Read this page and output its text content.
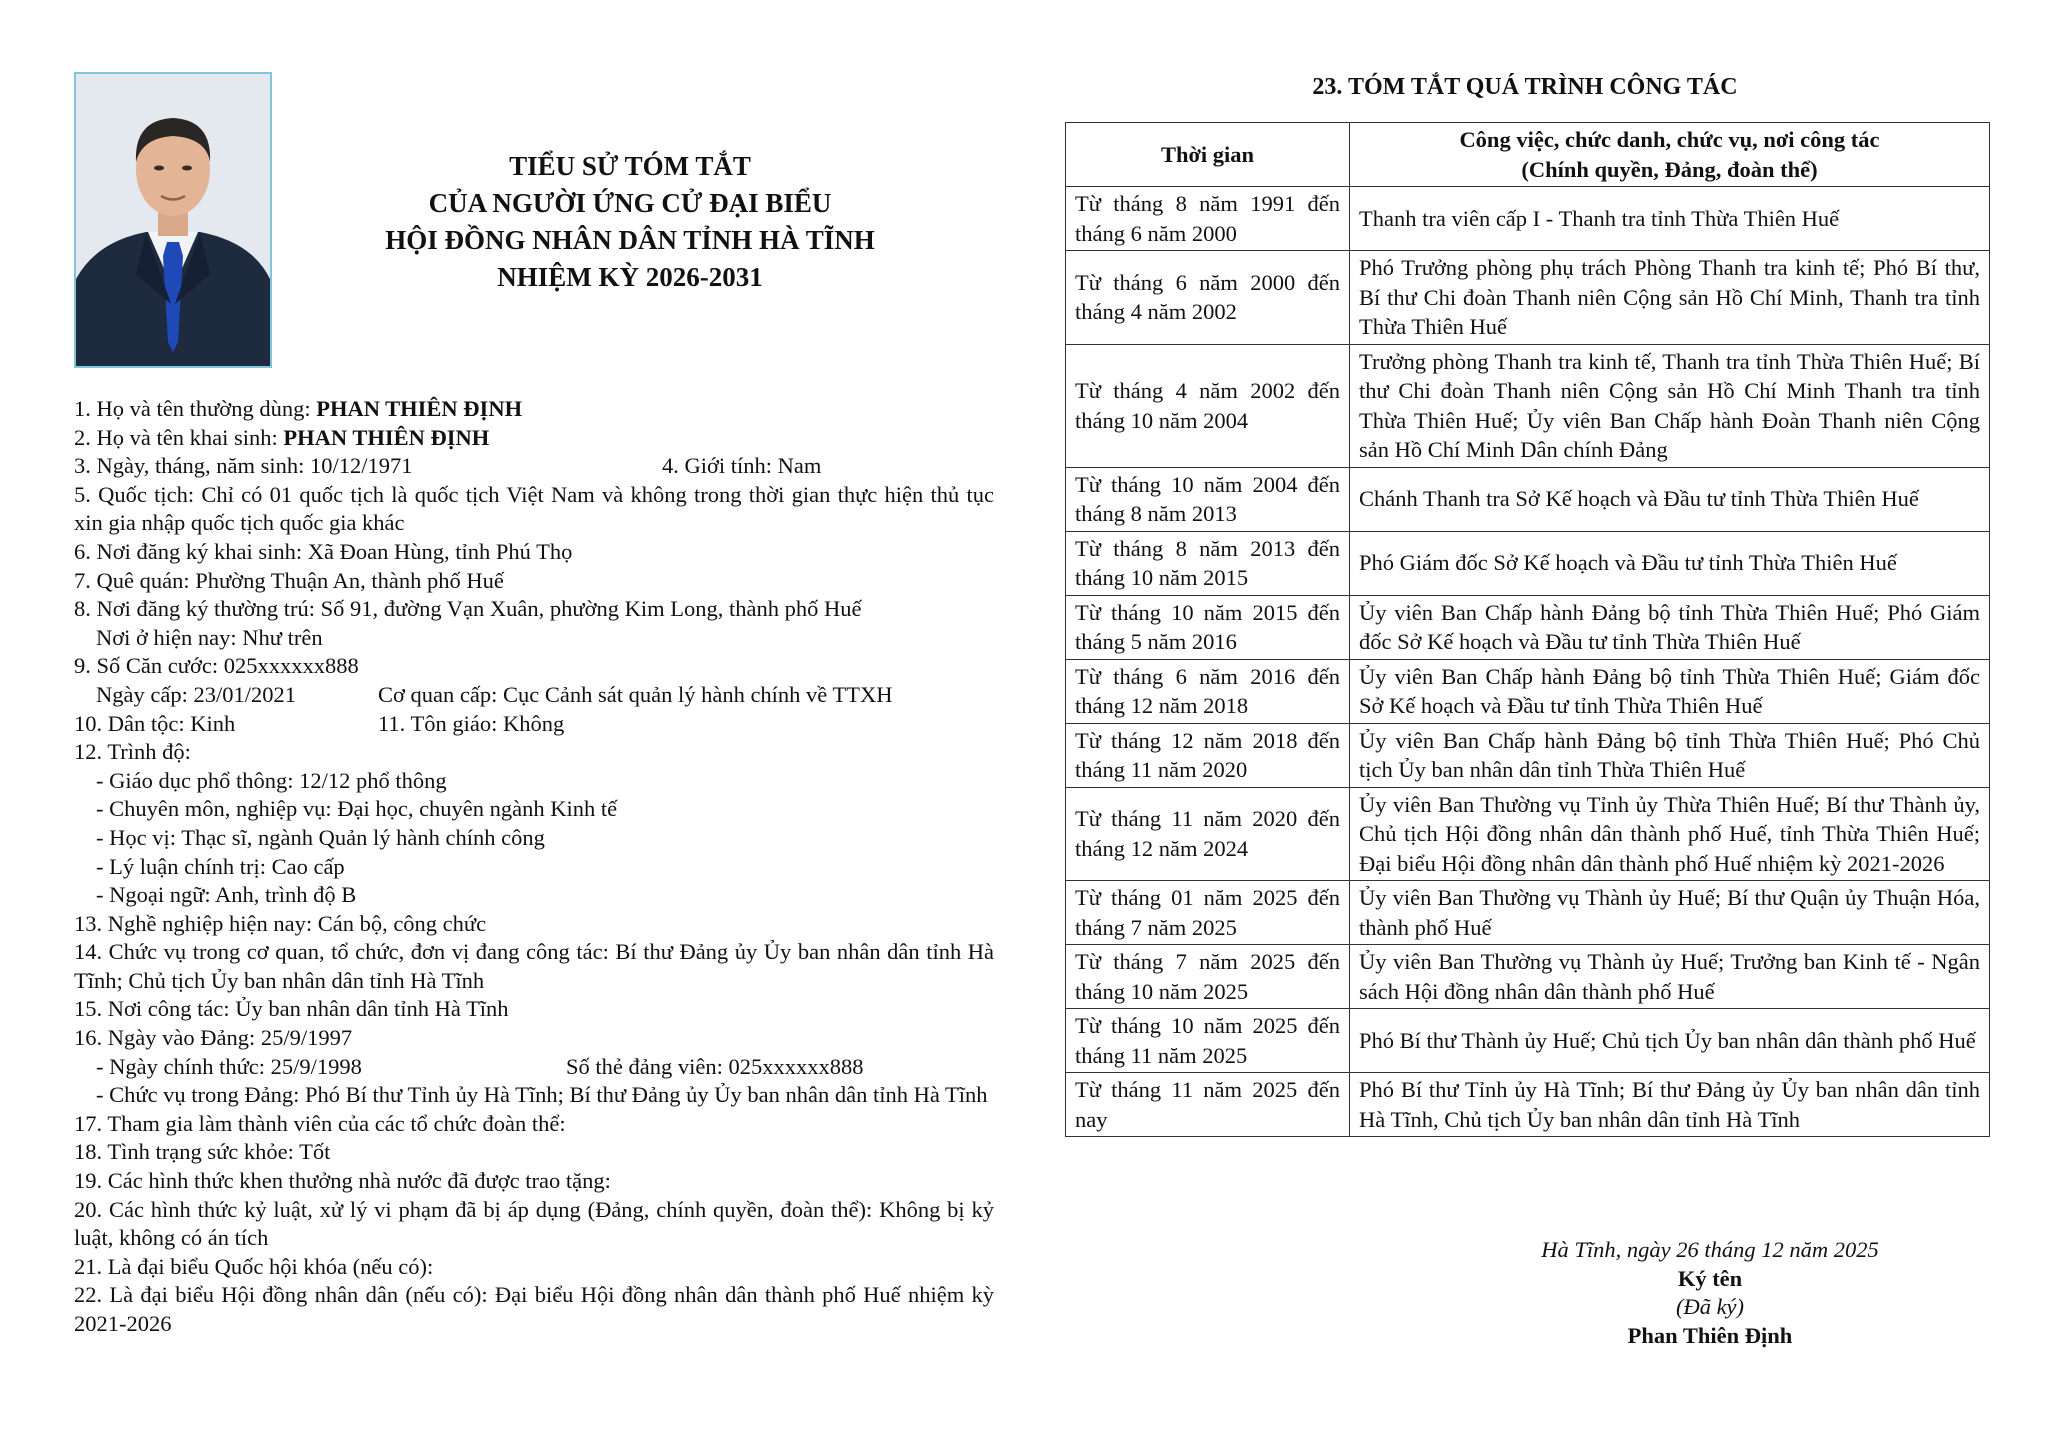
TIỂU SỬ TÓM TẮT
CỦA NGƯỜI ỨNG CỬ ĐẠI BIỂU
HỘI ĐỒNG NHÂN DÂN TỈNH HÀ TĨNH
NHIỆM KỲ 2026-2031
1. Họ và tên thường dùng: PHAN THIÊN ĐỊNH
2. Họ và tên khai sinh: PHAN THIÊN ĐỊNH
3. Ngày, tháng, năm sinh: 10/12/1971	4. Giới tính: Nam
5. Quốc tịch: Chỉ có 01 quốc tịch là quốc tịch Việt Nam và không trong thời gian thực hiện thủ tục xin gia nhập quốc tịch quốc gia khác
6. Nơi đăng ký khai sinh: Xã Đoan Hùng, tỉnh Phú Thọ
7. Quê quán: Phường Thuận An, thành phố Huế
8. Nơi đăng ký thường trú: Số 91, đường Vạn Xuân, phường Kim Long, thành phố Huế
Nơi ở hiện nay: Như trên
9. Số Căn cước: 025xxxxxx888
Ngày cấp: 23/01/2021	Cơ quan cấp: Cục Cảnh sát quản lý hành chính về TTXH
10. Dân tộc: Kinh	11. Tôn giáo: Không
12. Trình độ:
- Giáo dục phổ thông: 12/12 phổ thông
- Chuyên môn, nghiệp vụ: Đại học, chuyên ngành Kinh tế
- Học vị: Thạc sĩ, ngành Quản lý hành chính công
- Lý luận chính trị: Cao cấp
- Ngoại ngữ: Anh, trình độ B
13. Nghề nghiệp hiện nay: Cán bộ, công chức
14. Chức vụ trong cơ quan, tổ chức, đơn vị đang công tác: Bí thư Đảng ủy Ủy ban nhân dân tỉnh Hà Tĩnh; Chủ tịch Ủy ban nhân dân tỉnh Hà Tĩnh
15. Nơi công tác: Ủy ban nhân dân tỉnh Hà Tĩnh
16. Ngày vào Đảng: 25/9/1997
- Ngày chính thức: 25/9/1998	Số thẻ đảng viên: 025xxxxxx888
- Chức vụ trong Đảng: Phó Bí thư Tỉnh ủy Hà Tĩnh; Bí thư Đảng ủy Ủy ban nhân dân tỉnh Hà Tĩnh
17. Tham gia làm thành viên của các tổ chức đoàn thể:
18. Tình trạng sức khỏe: Tốt
19. Các hình thức khen thưởng nhà nước đã được trao tặng:
20. Các hình thức kỷ luật, xử lý vi phạm đã bị áp dụng (Đảng, chính quyền, đoàn thể): Không bị kỷ luật, không có án tích
21. Là đại biểu Quốc hội khóa (nếu có):
22. Là đại biểu Hội đồng nhân dân (nếu có): Đại biểu Hội đồng nhân dân thành phố Huế nhiệm kỳ 2021-2026
23. TÓM TẮT QUÁ TRÌNH CÔNG TÁC
Thời gian	Công việc, chức danh, chức vụ, nơi công tác
(Chính quyền, Đảng, đoàn thể)

Từ tháng 8 năm 1991 đến tháng 6 năm 2000	Thanh tra viên cấp I - Thanh tra tỉnh Thừa Thiên Huế
Từ tháng 6 năm 2000 đến tháng 4 năm 2002	Phó Trưởng phòng phụ trách Phòng Thanh tra kinh tế; Phó Bí thư, Bí thư Chi đoàn Thanh niên Cộng sản Hồ Chí Minh, Thanh tra tỉnh Thừa Thiên Huế
Từ tháng 4 năm 2002 đến tháng 10 năm 2004	Trưởng phòng Thanh tra kinh tế, Thanh tra tỉnh Thừa Thiên Huế; Bí thư Chi đoàn Thanh niên Cộng sản Hồ Chí Minh Thanh tra tỉnh Thừa Thiên Huế; Ủy viên Ban Chấp hành Đoàn Thanh niên Cộng sản Hồ Chí Minh Dân chính Đảng
Từ tháng 10 năm 2004 đến tháng 8 năm 2013	Chánh Thanh tra Sở Kế hoạch và Đầu tư tỉnh Thừa Thiên Huế
Từ tháng 8 năm 2013 đến tháng 10 năm 2015	Phó Giám đốc Sở Kế hoạch và Đầu tư tỉnh Thừa Thiên Huế
Từ tháng 10 năm 2015 đến tháng 5 năm 2016	Ủy viên Ban Chấp hành Đảng bộ tỉnh Thừa Thiên Huế; Phó Giám đốc Sở Kế hoạch và Đầu tư tỉnh Thừa Thiên Huế
Từ tháng 6 năm 2016 đến tháng 12 năm 2018	Ủy viên Ban Chấp hành Đảng bộ tỉnh Thừa Thiên Huế; Giám đốc Sở Kế hoạch và Đầu tư tỉnh Thừa Thiên Huế
Từ tháng 12 năm 2018 đến tháng 11 năm 2020	Ủy viên Ban Chấp hành Đảng bộ tỉnh Thừa Thiên Huế; Phó Chủ tịch Ủy ban nhân dân tỉnh Thừa Thiên Huế
Từ tháng 11 năm 2020 đến tháng 12 năm 2024	Ủy viên Ban Thường vụ Tỉnh ủy Thừa Thiên Huế; Bí thư Thành ủy, Chủ tịch Hội đồng nhân dân thành phố Huế, tỉnh Thừa Thiên Huế; Đại biểu Hội đồng nhân dân thành phố Huế nhiệm kỳ 2021-2026
Từ tháng 01 năm 2025 đến tháng 7 năm 2025	Ủy viên Ban Thường vụ Thành ủy Huế; Bí thư Quận ủy Thuận Hóa, thành phố Huế
Từ tháng 7 năm 2025 đến tháng 10 năm 2025	Ủy viên Ban Thường vụ Thành ủy Huế; Trưởng ban Kinh tế - Ngân sách Hội đồng nhân dân thành phố Huế
Từ tháng 10 năm 2025 đến tháng 11 năm 2025	Phó Bí thư Thành ủy Huế; Chủ tịch Ủy ban nhân dân thành phố Huế
Từ tháng 11 năm 2025 đến nay	Phó Bí thư Tỉnh ủy Hà Tĩnh; Bí thư Đảng ủy Ủy ban nhân dân tỉnh Hà Tĩnh, Chủ tịch Ủy ban nhân dân tỉnh Hà Tĩnh
Hà Tĩnh, ngày 26 tháng 12 năm 2025
Ký tên
(Đã ký)
Phan Thiên Định
